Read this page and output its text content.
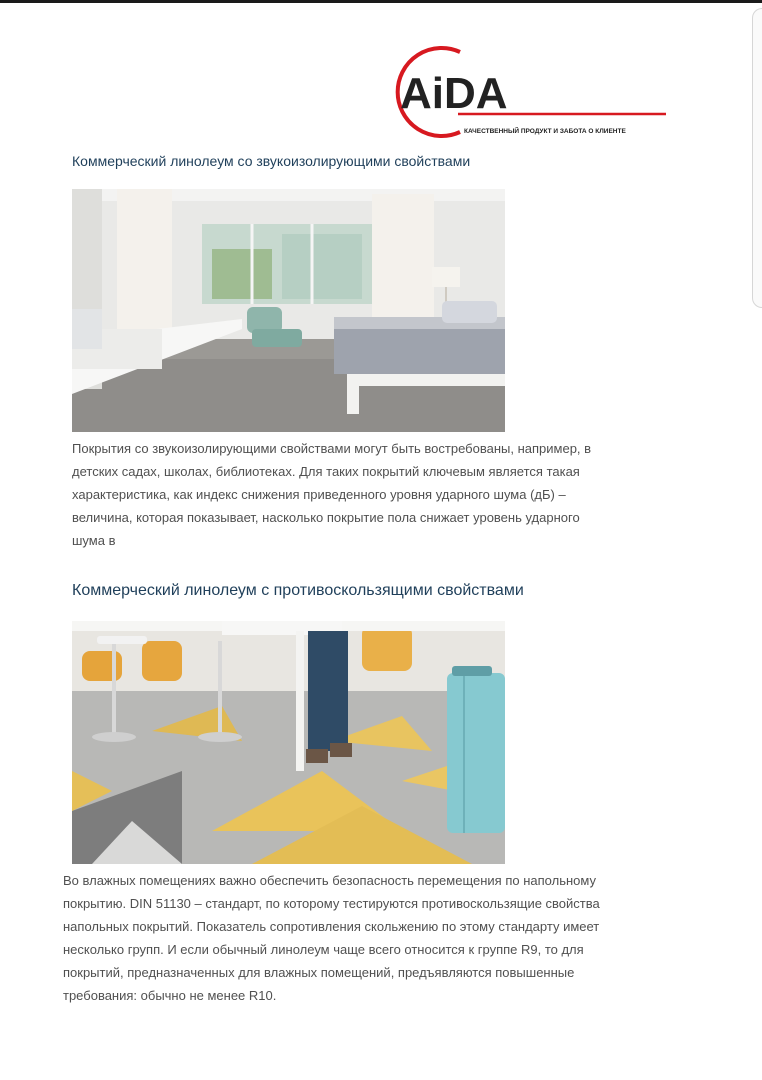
AiDA
КАЧЕСТВЕННЫЙ ПРОДУКТ И ЗАБОТА О КЛИЕНТЕ
Коммерческий линолеум со звукоизолирующими свойствами

Покрытия со звукоизолирующими свойствами могут быть востребованы, например, в
детских садах, школах, библиотеках. Для таких покрытий ключевым является такая
характеристика, как индекс снижения приведенного уровня ударного шума (дБ) –
величина, которая показывает, насколько покрытие пола снижает уровень ударного
шума в

Коммерческий линолеум с противоскользящими свойствами

Во влажных помещениях важно обеспечить безопасность перемещения по напольному
покрытию. DIN 51130 – стандарт, по которому тестируются противоскользящие свойства
напольных покрытий. Показатель сопротивления скольжению по этому стандарту имеет
несколько групп. И если обычный линолеум чаще всего относится к группе R9, то для
покрытий, предназначенных для влажных помещений, предъявляются повышенные
требования: обычно не менее R10.
